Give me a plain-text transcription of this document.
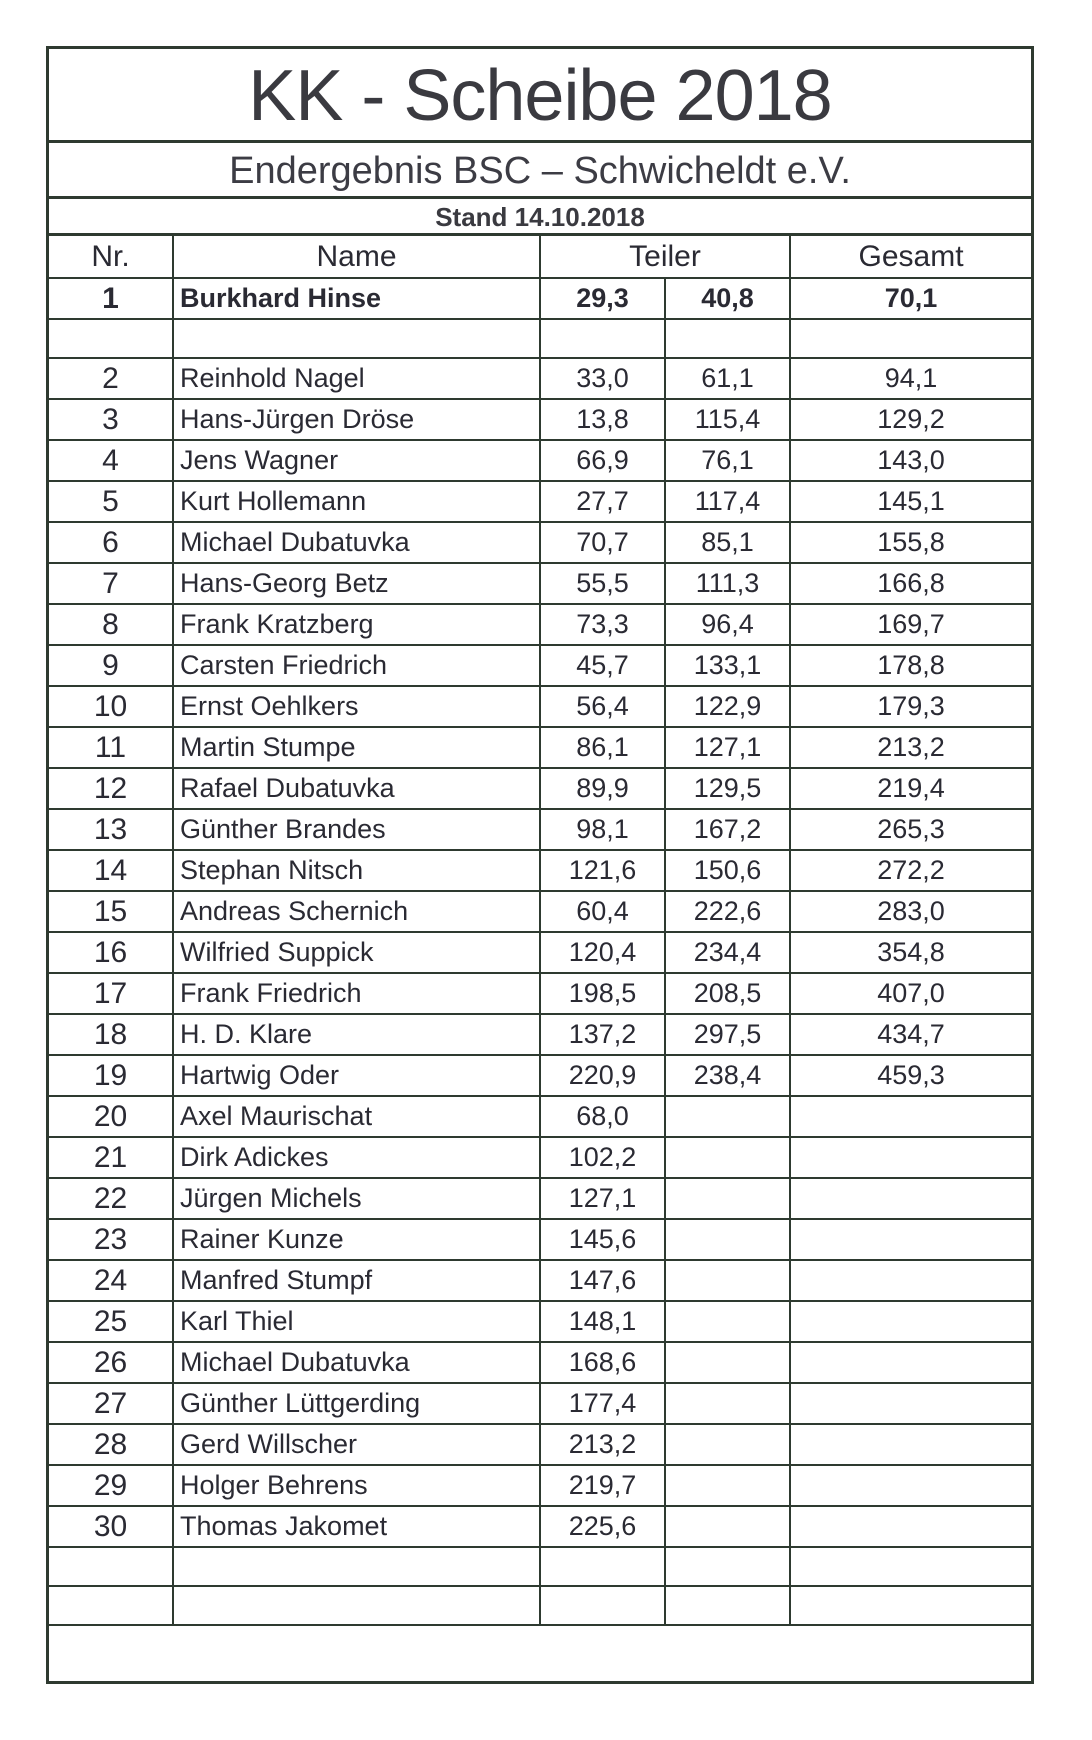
KK - Scheibe 2018
Endergebnis BSC – Schwicheldt e.V.
Stand 14.10.2018
Nr.	Name	Teiler		Gesamt
1	Burkhard Hinse	29,3	40,8	70,1

2	Reinhold Nagel	33,0	61,1	94,1
3	Hans-Jürgen Dröse	13,8	115,4	129,2
4	Jens Wagner	66,9	76,1	143,0
5	Kurt Hollemann	27,7	117,4	145,1
6	Michael Dubatuvka	70,7	85,1	155,8
7	Hans-Georg Betz	55,5	111,3	166,8
8	Frank Kratzberg	73,3	96,4	169,7
9	Carsten Friedrich	45,7	133,1	178,8
10	Ernst Oehlkers	56,4	122,9	179,3
11	Martin Stumpe	86,1	127,1	213,2
12	Rafael Dubatuvka	89,9	129,5	219,4
13	Günther Brandes	98,1	167,2	265,3
14	Stephan Nitsch	121,6	150,6	272,2
15	Andreas Schernich	60,4	222,6	283,0
16	Wilfried Suppick	120,4	234,4	354,8
17	Frank Friedrich	198,5	208,5	407,0
18	H. D. Klare	137,2	297,5	434,7
19	Hartwig Oder	220,9	238,4	459,3
20	Axel Maurischat	68,0		
21	Dirk Adickes	102,2		
22	Jürgen Michels	127,1		
23	Rainer Kunze	145,6		
24	Manfred Stumpf	147,6		
25	Karl Thiel	148,1		
26	Michael Dubatuvka	168,6		
27	Günther Lüttgerding	177,4		
28	Gerd Willscher	213,2		
29	Holger Behrens	219,7		
30	Thomas Jakomet	225,6		
